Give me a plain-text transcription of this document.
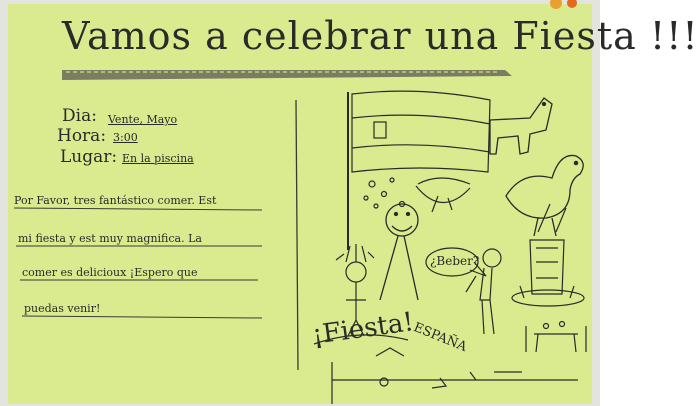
Vamos a celebrar una Fiesta !!!
Dia: Vente, Mayo
Hora: 3:00
Lugar: En la piscina
Por Favor, tres fantástico comer. Est
mi fiesta y est muy magnifica. La
comer es delicioux ¡Espero que
puedas venir!
¿Beber?
¡Fiesta!
ESPAÑA
